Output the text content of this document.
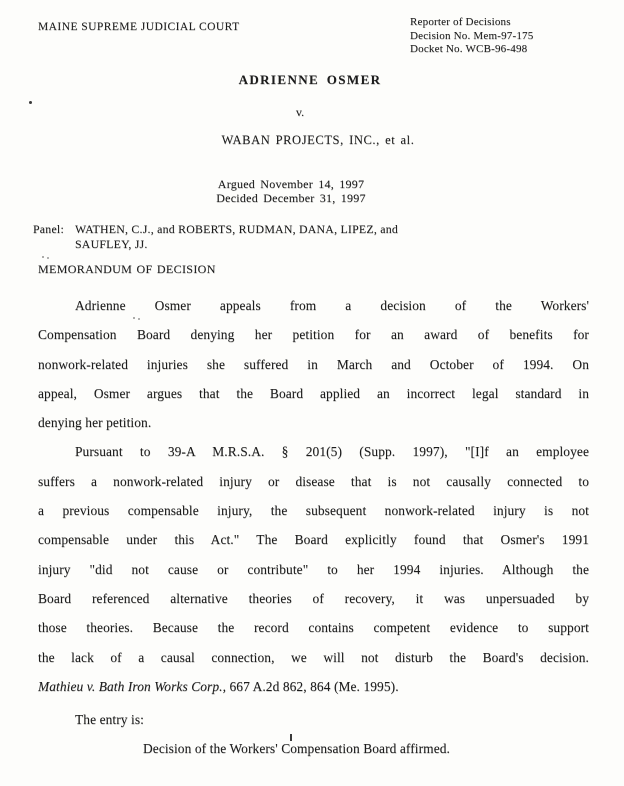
MAINE SUPREME JUDICIAL COURT	Reporter of Decisions
Decision No. Mem-97-175
Docket No. WCB-96-498
ADRIENNE OSMER
v.
WABAN PROJECTS, INC., et al.
Argued November 14, 1997
Decided December 31, 1997
Panel: WATHEN, C.J., and ROBERTS, RUDMAN, DANA, LIPEZ, and
SAUFLEY, JJ.
MEMORANDUM OF DECISION
Adrienne Osmer appeals from a decision of the Workers'
Compensation Board denying her petition for an award of benefits for
nonwork-related injuries she suffered in March and October of 1994. On
appeal, Osmer argues that the Board applied an incorrect legal standard in
denying her petition.
Pursuant to 39-A M.R.S.A. § 201(5) (Supp. 1997), "[I]f an employee
suffers a nonwork-related injury or disease that is not causally connected to
a previous compensable injury, the subsequent nonwork-related injury is not
compensable under this Act." The Board explicitly found that Osmer's 1991
injury "did not cause or contribute" to her 1994 injuries. Although the
Board referenced alternative theories of recovery, it was unpersuaded by
those theories. Because the record contains competent evidence to support
the lack of a causal connection, we will not disturb the Board's decision.
Mathieu v. Bath Iron Works Corp., 667 A.2d 862, 864 (Me. 1995).
The entry is:
Decision of the Workers' Compensation Board affirmed.
